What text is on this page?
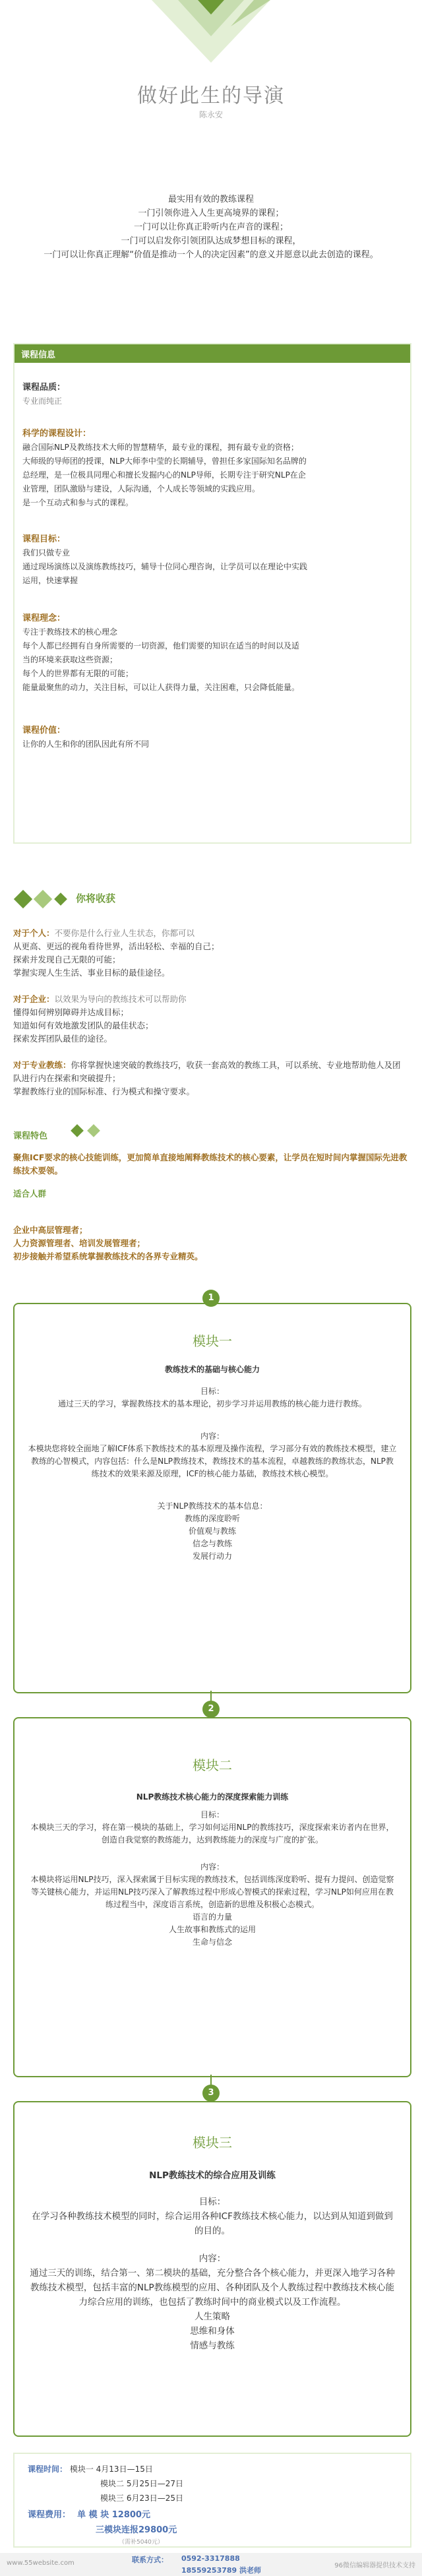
做好此生的导演
陈永安

最实用有效的教练课程

一门引领你进入人生更高境界的课程；

一门可以让你真正聆听内在声音的课程；

一门可以启发你引领团队达成梦想目标的课程，

一门可以让你真正理解“价值是推动一个人的决定因素”的意义并愿意以此去创造的课程。

课程信息
课程品质：

专业而纯正

科学的课程设计：

融合国际NLP及教练技术大师的智慧精华，最专业的课程，拥有最专业的资格；

大师级的导师团的授课，NLP大师李中莹的长期辅导，曾担任多家国际知名品牌的

总经理，是一位极具同理心和擅长发掘内心的NLP导师，长期专注于研究NLP在企

业管理，团队激励与建设，人际沟通，个人成长等领域的实践应用。

是一个互动式和参与式的课程。

课程目标：

我们只做专业

通过现场演练以及演练教练技巧，辅导十位同心理咨询，让学员可以在理论中实践

运用，快速掌握

课程理念：

专注于教练技术的核心理念

每个人都已经拥有自身所需要的一切资源，他们需要的知识在适当的时间以及适

当的环境来获取这些资源；

每个人的世界都有无限的可能；

能量最聚焦的动力，关注目标，可以让人获得力量，关注困难，只会降低能量。

课程价值：

让你的人生和你的团队因此有所不同

你将收获

对于个人：不要你是什么行业人生状态，你都可以

从更高、更远的视角看待世界，活出轻松、幸福的自己；

探索并发现自己无限的可能；

掌握实现人生生活、事业目标的最佳途径。

对于企业：以效果为导向的教练技术可以帮助你

懂得如何辨别障碍并达成目标；

知道如何有效地激发团队的最佳状态；

探索发挥团队最佳的途径。

对于专业教练：你将掌握快速突破的教练技巧，收获一套高效的教练工具，可以系统、专业地帮助他人及团队进行内在探索和突破提升；

掌握教练行业的国际标准、行为模式和操守要求。

课程特色

聚焦ICF要求的核心技能训练，更加简单直接地阐释教练技术的核心要素，让学员在短时间内掌握国际先进教练技术要领。

适合人群

企业中高层管理者；

人力资源管理者、培训发展管理者；

初步接触并希望系统掌握教练技术的各界专业精英。

模块一

教练技术的基础与核心能力

目标：

通过三天的学习，掌握教练技术的基本理论，初步学习并运用教练的核心能力进行教练。

内容：

本模块您将较全面地了解ICF体系下教练技术的基本原理及操作流程，学习部分有效的教练技术模型，建立教练的心智模式，内容包括：什么是NLP教练技术，教练技术的基本流程，卓越教练的教练状态，NLP教练技术的效果来源及原理，ICF的核心能力基础，教练技术核心模型。

关于NLP教练技术的基本信息：

教练的深度聆听

价值观与教练

信念与教练

发展行动力

1
模块二

NLP教练技术核心能力的深度探索能力训练

目标：

本模块三天的学习，将在第一模块的基础上，学习如何运用NLP的教练技巧，深度探索来访者内在世界，创造自我觉察的教练能力，达到教练能力的深度与广度的扩张。

内容：

本模块将运用NLP技巧，深入探索属于目标实现的教练技术，包括训练深度聆听、提有力提问、创造觉察等关键核心能力，并运用NLP技巧深入了解教练过程中形成心智模式的探索过程，学习NLP如何应用在教练过程当中，深度语言系统，创造新的思维及积极心态模式。

语言的力量

人生故事和教练式的运用

生命与信念

2
模块三

NLP教练技术的综合应用及训练

目标：

在学习各种教练技术模型的同时，综合运用各种ICF教练技术核心能力，以达到从知道到做到的目的。

内容：

通过三天的训练，结合第一、第二模块的基础，充分整合各个核心能力，并更深入地学习各种教练技术模型，包括丰富的NLP教练模型的应用、各种团队及个人教练过程中教练技术核心能力综合应用的训练，也包括了教练时间中的商业模式以及工作流程。

人生策略

思维和身体

情感与教练

3
课程时间： 模块一 4月13日—15日
模块二 5月25日—27日
模块三 6月23日—25日
课程费用： 单 模 块 12800元
三模块连报29800元
（需补5040元）
www.55website.com	96微信编辑器提供技术支持
联系方式： 0592-3317888
18559253789 洪老师
